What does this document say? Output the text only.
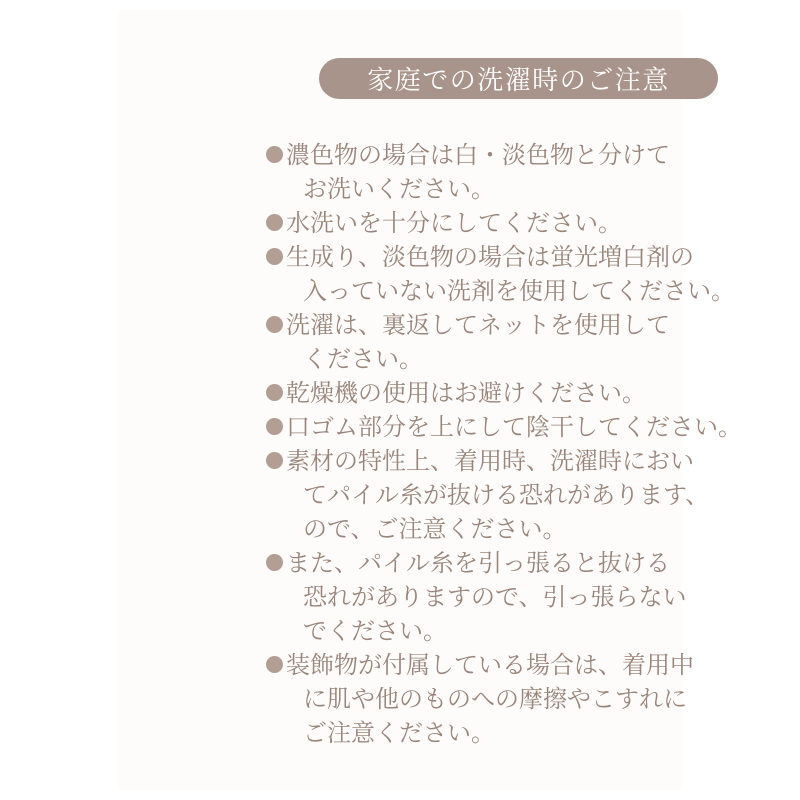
家庭での洗濯時のご注意
濃色物の場合は白・淡色物と分けて
お洗いください。
水洗いを十分にしてください。
生成り、淡色物の場合は蛍光増白剤の
入っていない洗剤を使用してください。
洗濯は、裏返してネットを使用して
ください。
乾燥機の使用はお避けください。
口ゴム部分を上にして陰干してください。
素材の特性上、着用時、洗濯時におい
てパイル糸が抜ける恐れがあります、
ので、ご注意ください。
また、パイル糸を引っ張ると抜ける
恐れがありますので、引っ張らない
でください。
装飾物が付属している場合は、着用中
に肌や他のものへの摩擦やこすれに
ご注意ください。
